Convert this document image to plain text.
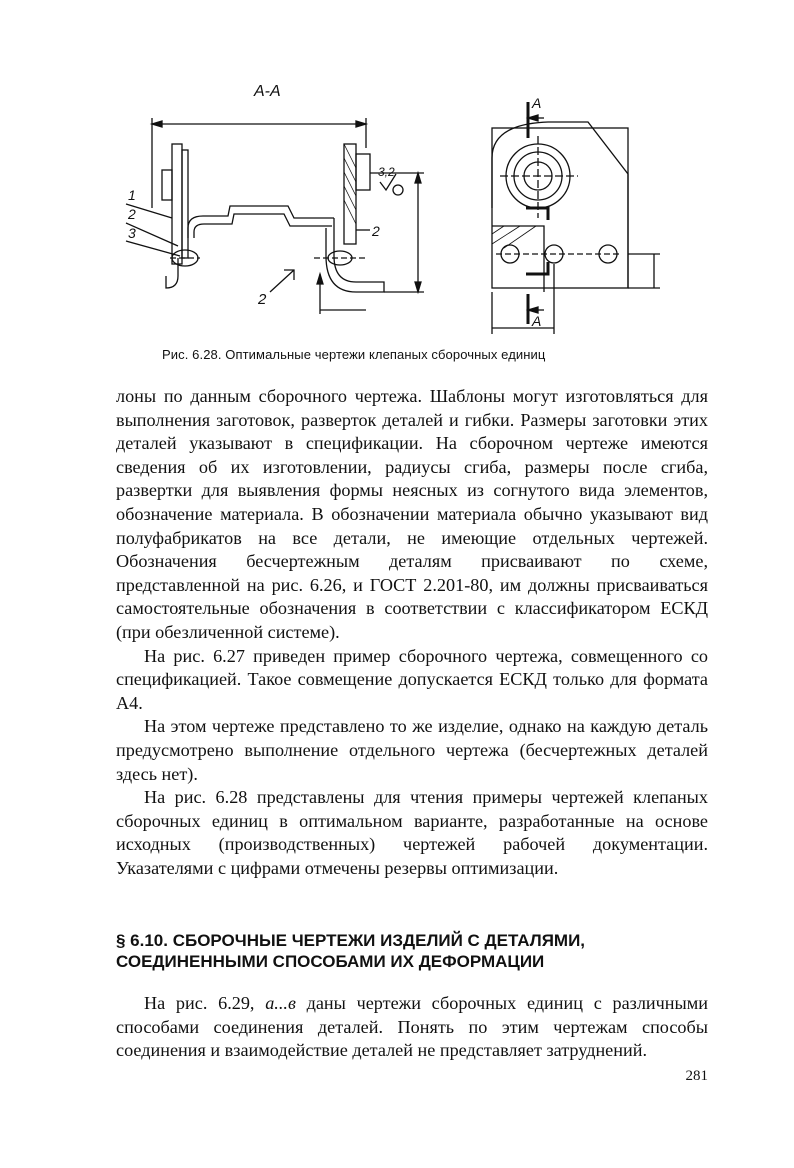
A-A
3,2
1
2
3	2
2
A
A
Рис. 6.28. Оптимальные чертежи клепаных сборочных единиц

лоны по данным сборочного чертежа. Шаблоны могут изготовляться для выполнения заготовок, разверток деталей и гибки. Размеры заготовки этих деталей указывают в спецификации. На сборочном чертеже имеются сведения об их изготовлении, радиусы сгиба, размеры после сгиба, развертки для выявления формы неясных из согнутого вида элементов, обозначение материала. В обозначении материала обычно указывают вид полуфабрикатов на все детали, не имеющие отдельных чертежей. Обозначения бесчертежным деталям присваивают по схеме, представленной на рис. 6.26, и ГОСТ 2.201-80, им должны присваиваться самостоятельные обозначения в соответствии с классификатором ЕСКД (при обезличенной системе).

На рис. 6.27 приведен пример сборочного чертежа, совмещенного со спецификацией. Такое совмещение допускается ЕСКД только для формата А4.

На этом чертеже представлено то же изделие, однако на каждую деталь предусмотрено выполнение отдельного чертежа (бесчертежных деталей здесь нет).

На рис. 6.28 представлены для чтения примеры чертежей клепаных сборочных единиц в оптимальном варианте, разработанные на основе исходных (производственных) чертежей рабочей документации. Указателями с цифрами отмечены резервы оптимизации.

§ 6.10. СБОРОЧНЫЕ ЧЕРТЕЖИ ИЗДЕЛИЙ С ДЕТАЛЯМИ,
СОЕДИНЕННЫМИ СПОСОБАМИ ИХ ДЕФОРМАЦИИ

На рис. 6.29, а...в даны чертежи сборочных единиц с различными способами соединения деталей. Понять по этим чертежам способы соединения и взаимодействие деталей не представляет затруднений.

281
